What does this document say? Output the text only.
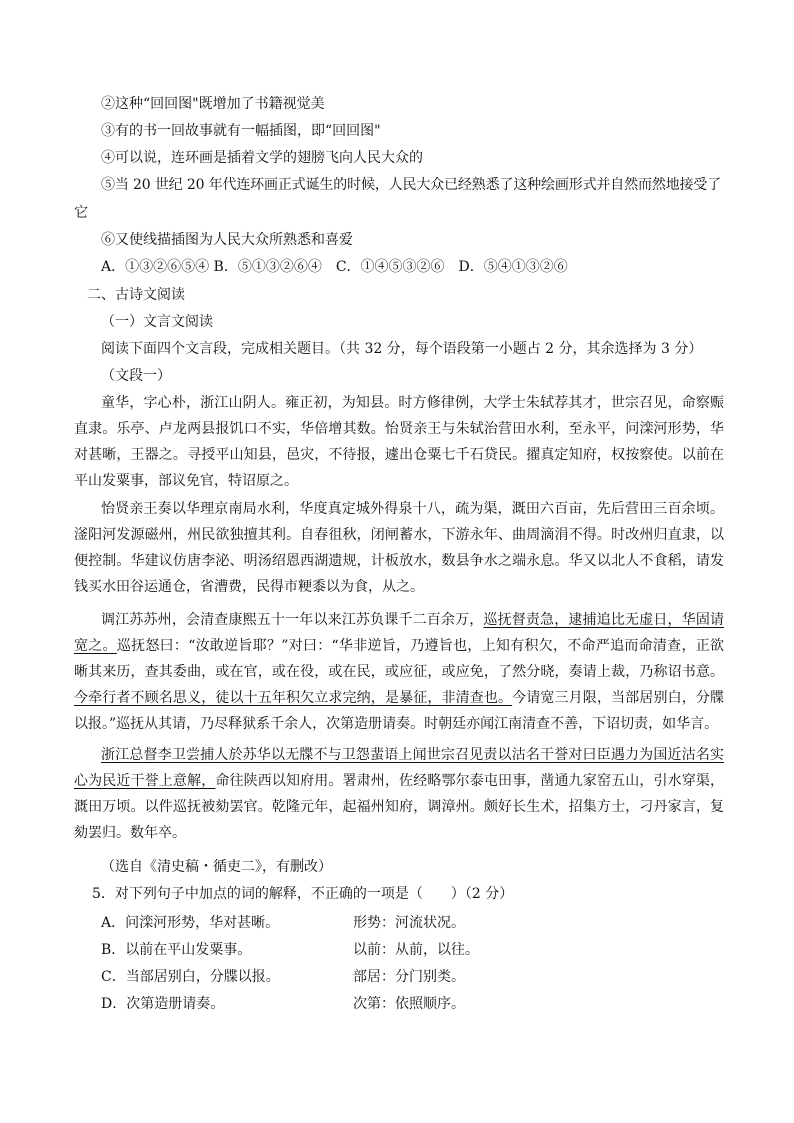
②这种“回回图"既增加了书籍视觉美
③有的书一回故事就有一幅插图，即“回回图"
④可以说，连环画是插着文学的翅膀飞向人民大众的
⑤当 20 世纪 20 年代连环画正式诞生的时候，人民大众已经熟悉了这种绘画形式并自然而然地接受了
它
⑥又使线描插图为人民大众所熟悉和喜爱
A．①③②⑥⑤④ B．⑤①③②⑥④　C．①④⑤③②⑥　D．⑤④①③②⑥
二、古诗文阅读
（一）文言文阅读
阅读下面四个文言段，完成相关题目。（共 32 分，每个语段第一小题占 2 分，其余选择为 3 分）
（文段一）
童华，字心朴，浙江山阴人。雍正初，为知县。时方修律例，大学士朱轼荐其才，世宗召见，命察赈直隶。乐亭、卢龙两县报饥口不实，华倍增其数。怡贤亲王与朱轼治营田水利，至永平，问滦河形势，华对甚晰，王器之。寻授平山知县，邑灾，不待报，遽出仓粟七千石贷民。擢真定知府，权按察使。以前在平山发粟事，部议免官，特诏原之。
怡贤亲王奏以华理京南局水利，华度真定城外得泉十八，疏为渠，溉田六百亩，先后营田三百余顷。滏阳河发源磁州，州民欲独擅其利。自春徂秋，闭闸蓄水，下游永年、曲周滴涓不得。时改州归直隶，以便控制。华建议仿唐李泌、明汤绍恩西湖遗规，计板放水，数县争水之端永息。华又以北人不食稻，请发钱买水田谷运通仓，省漕费，民得市粳黍以为食，从之。
调江苏苏州，会清查康熙五十一年以来江苏负课千二百余万，巡抚督责急，逮捕追比无虚日，华固请宽之。巡抚怒曰：“汝敢逆旨耶？”对曰：“华非逆旨，乃遵旨也，上知有积欠，不命严追而命清查，正欲晰其来历，查其委曲，或在官，或在役，或在民，或应征，或应免，了然分晓，奏请上裁，乃称诏书意。今牵行者不顾名思义，徒以十五年积欠立求完纳，是暴征，非清查也。今请宽三月限，当部居别白，分牒以报。”巡抚从其请，乃尽释狱系千余人，次第造册请奏。时朝廷亦闻江南清查不善，下诏切责，如华言。
浙江总督李卫尝捕人於苏华以无牒不与卫怨蜚语上闻世宗召见责以沽名干誉对曰臣遇力为国近沽名实心为民近干誉上意解，命往陕西以知府用。署肃州，佐经略鄂尔泰屯田事，凿通九家窑五山，引水穿渠，溉田万顷。以件巡抚被劾罢官。乾隆元年，起福州知府，调漳州。颇好长生术，招集方士，刁丹家言，复劾罢归。数年卒。
（选自《清史稿・循吏二》，有删改）
5．对下列句子中加点的词的解释，不正确的一项是（　　）（2 分）
A．问滦河形势，华对甚晰。	形势：河流状况。
B．以前在平山发粟事。	以前：从前，以往。
C．当部居别白，分牒以报。	部居：分门别类。
D．次第造册请奏。	次第：依照顺序。
